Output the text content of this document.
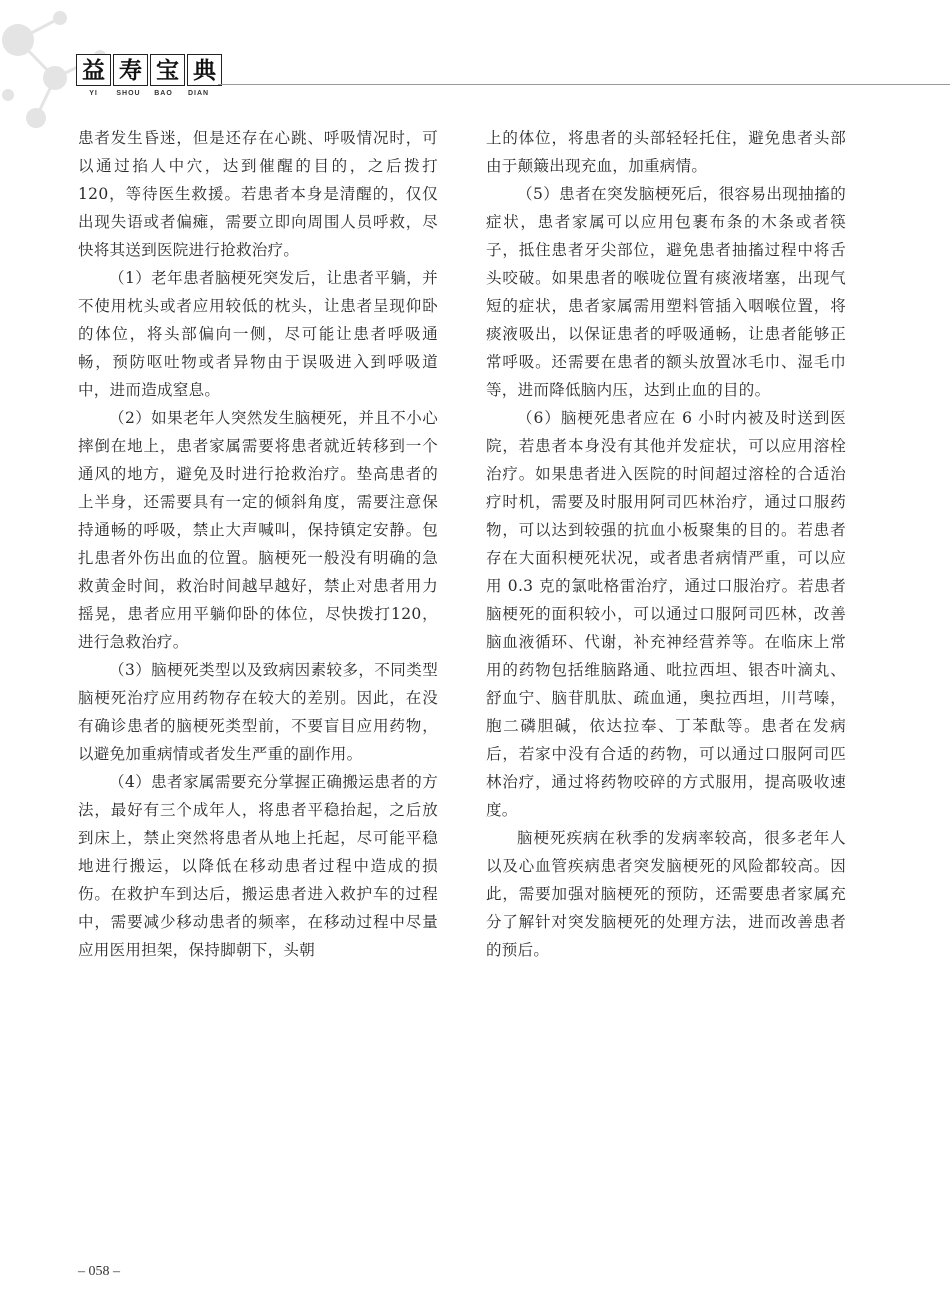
益 寿 宝 典
YI	SHOU	BAO	DIAN

患者发生昏迷，但是还存在心跳、呼吸情况时，可以通过掐人中穴，达到催醒的目的，之后拨打120，等待医生救援。若患者本身是清醒的，仅仅出现失语或者偏瘫，需要立即向周围人员呼救，尽快将其送到医院进行抢救治疗。

（1）老年患者脑梗死突发后，让患者平躺，并不使用枕头或者应用较低的枕头，让患者呈现仰卧的体位，将头部偏向一侧，尽可能让患者呼吸通畅，预防呕吐物或者异物由于误吸进入到呼吸道中，进而造成窒息。

（2）如果老年人突然发生脑梗死，并且不小心摔倒在地上，患者家属需要将患者就近转移到一个通风的地方，避免及时进行抢救治疗。垫高患者的上半身，还需要具有一定的倾斜角度，需要注意保持通畅的呼吸，禁止大声喊叫，保持镇定安静。包扎患者外伤出血的位置。脑梗死一般没有明确的急救黄金时间，救治时间越早越好，禁止对患者用力摇晃，患者应用平躺仰卧的体位，尽快拨打120，进行急救治疗。

（3）脑梗死类型以及致病因素较多，不同类型脑梗死治疗应用药物存在较大的差别。因此，在没有确诊患者的脑梗死类型前，不要盲目应用药物，以避免加重病情或者发生严重的副作用。

（4）患者家属需要充分掌握正确搬运患者的方法，最好有三个成年人，将患者平稳抬起，之后放到床上，禁止突然将患者从地上托起，尽可能平稳地进行搬运，以降低在移动患者过程中造成的损伤。在救护车到达后，搬运患者进入救护车的过程中，需要减少移动患者的频率，在移动过程中尽量应用医用担架，保持脚朝下，头朝

上的体位，将患者的头部轻轻托住，避免患者头部由于颠簸出现充血，加重病情。

（5）患者在突发脑梗死后，很容易出现抽搐的症状，患者家属可以应用包裹布条的木条或者筷子，抵住患者牙尖部位，避免患者抽搐过程中将舌头咬破。如果患者的喉咙位置有痰液堵塞，出现气短的症状，患者家属需用塑料管插入咽喉位置，将痰液吸出，以保证患者的呼吸通畅，让患者能够正常呼吸。还需要在患者的额头放置冰毛巾、湿毛巾等，进而降低脑内压，达到止血的目的。

（6）脑梗死患者应在 6 小时内被及时送到医院，若患者本身没有其他并发症状，可以应用溶栓治疗。如果患者进入医院的时间超过溶栓的合适治疗时机，需要及时服用阿司匹林治疗，通过口服药物，可以达到较强的抗血小板聚集的目的。若患者存在大面积梗死状况，或者患者病情严重，可以应用 0.3 克的氯吡格雷治疗，通过口服治疗。若患者脑梗死的面积较小，可以通过口服阿司匹林，改善脑血液循环、代谢，补充神经营养等。在临床上常用的药物包括维脑路通、吡拉西坦、银杏叶滴丸、舒血宁、脑苷肌肽、疏血通，奥拉西坦，川芎嗪，胞二磷胆碱，依达拉奉、丁苯酞等。患者在发病后，若家中没有合适的药物，可以通过口服阿司匹林治疗，通过将药物咬碎的方式服用，提高吸收速度。

脑梗死疾病在秋季的发病率较高，很多老年人以及心血管疾病患者突发脑梗死的风险都较高。因此，需要加强对脑梗死的预防，还需要患者家属充分了解针对突发脑梗死的处理方法，进而改善患者的预后。

– 058 –
